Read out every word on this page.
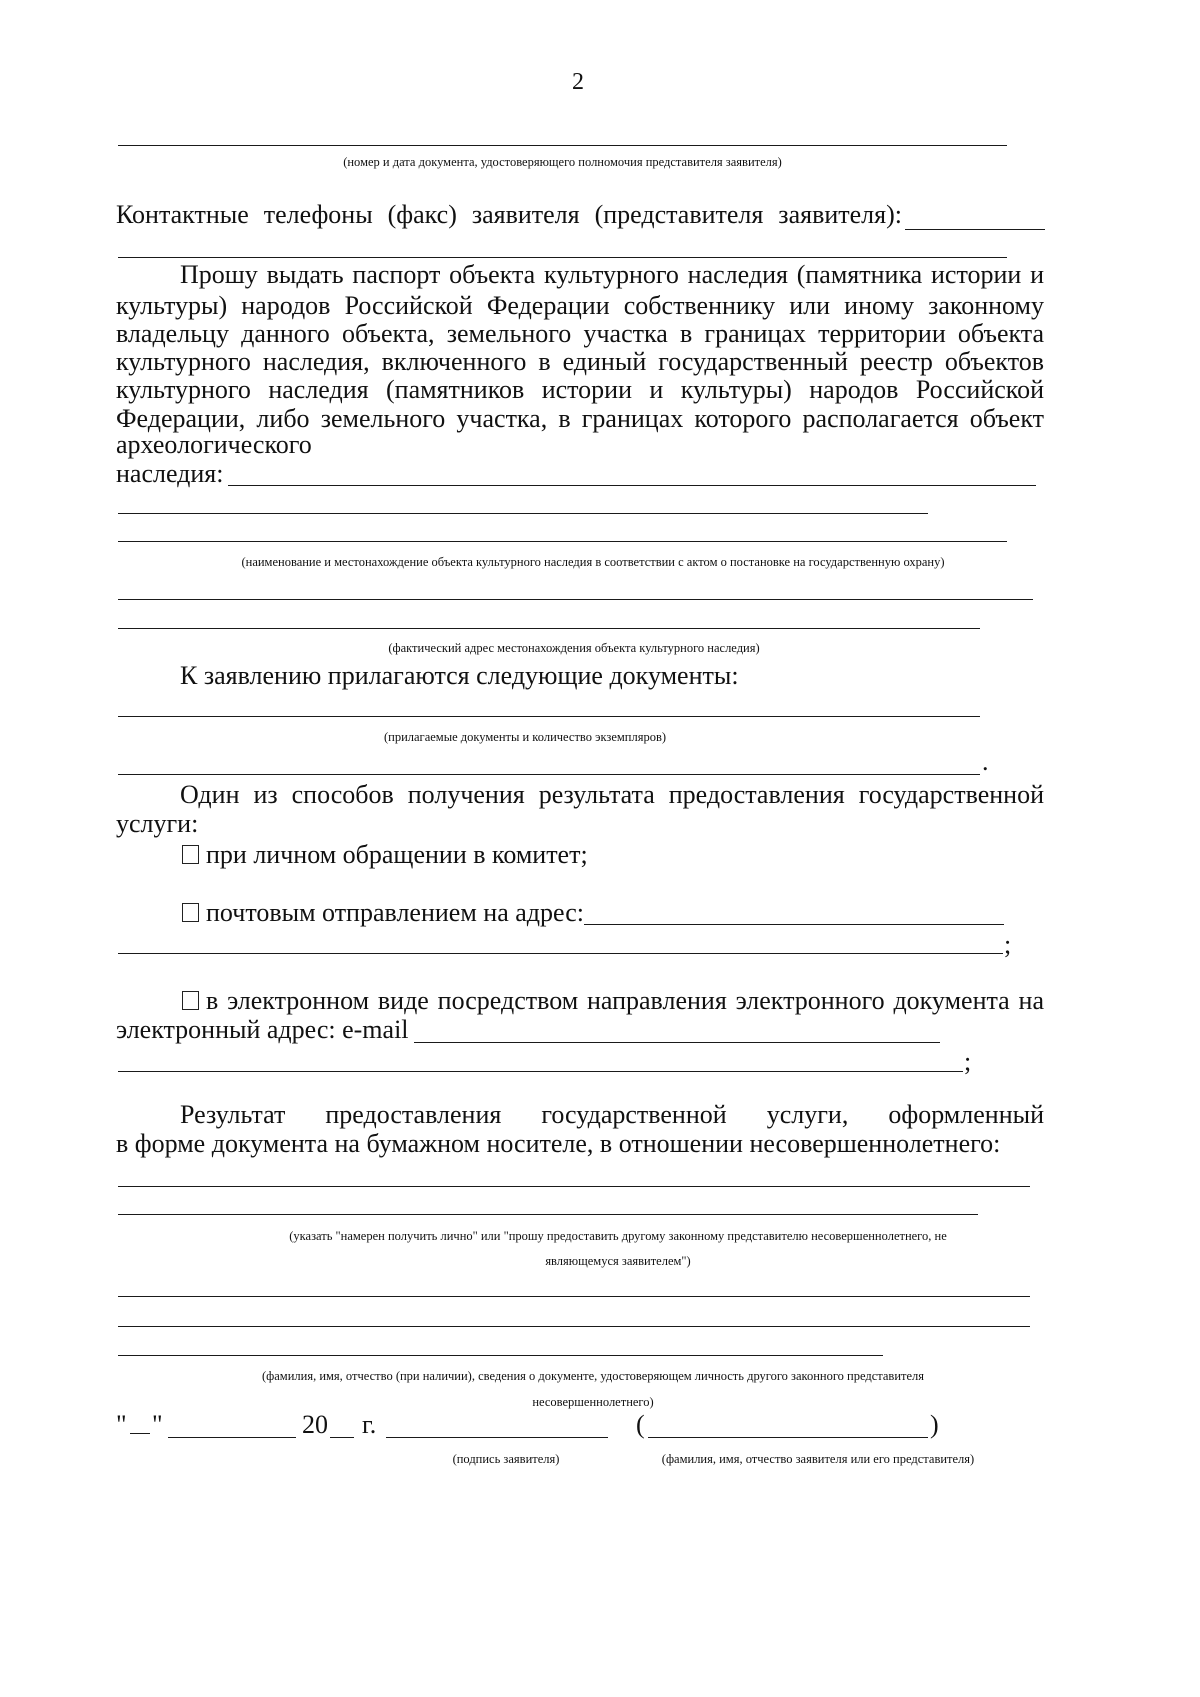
2
(номер и дата документа, удостоверяющего полномочия представителя заявителя)
Контактные телефоны (факс) заявителя (представителя заявителя):
Прошу выдать паспорт объекта культурного наследия (памятника истории и
культуры) народов Российской Федерации собственнику или иному законному
владельцу данного объекта, земельного участка в границах территории объекта
культурного наследия, включенного в единый государственный реестр объектов
культурного наследия (памятников истории и культуры) народов Российской
Федерации, либо земельного участка, в границах которого располагается объект
археологического
наследия:
(наименование и местонахождение объекта культурного наследия в соответствии с актом о постановке на государственную охрану)
(фактический адрес местонахождения объекта культурного наследия)
К заявлению прилагаются следующие документы:
(прилагаемые документы и количество экземпляров)
.
Один из способов получения результата предоставления государственной
услуги:
при личном обращении в комитет;
почтовым отправлением на адрес:
;
в электронном виде посредством направления электронного документа на
электронный адрес: e-mail
;
Результат предоставления государственной услуги, оформленный
в форме документа на бумажном носителе, в отношении несовершеннолетнего:
(указать "намерен получить лично" или "прошу предоставить другому законному представителю несовершеннолетнего, не
являющемуся заявителем")
(фамилия, имя, отчество (при наличии), сведения о документе, удостоверяющем личность другого законного представителя
несовершеннолетнего)
" "	20 г.	(	)
(подпись заявителя)	(фамилия, имя, отчество заявителя или его представителя)
